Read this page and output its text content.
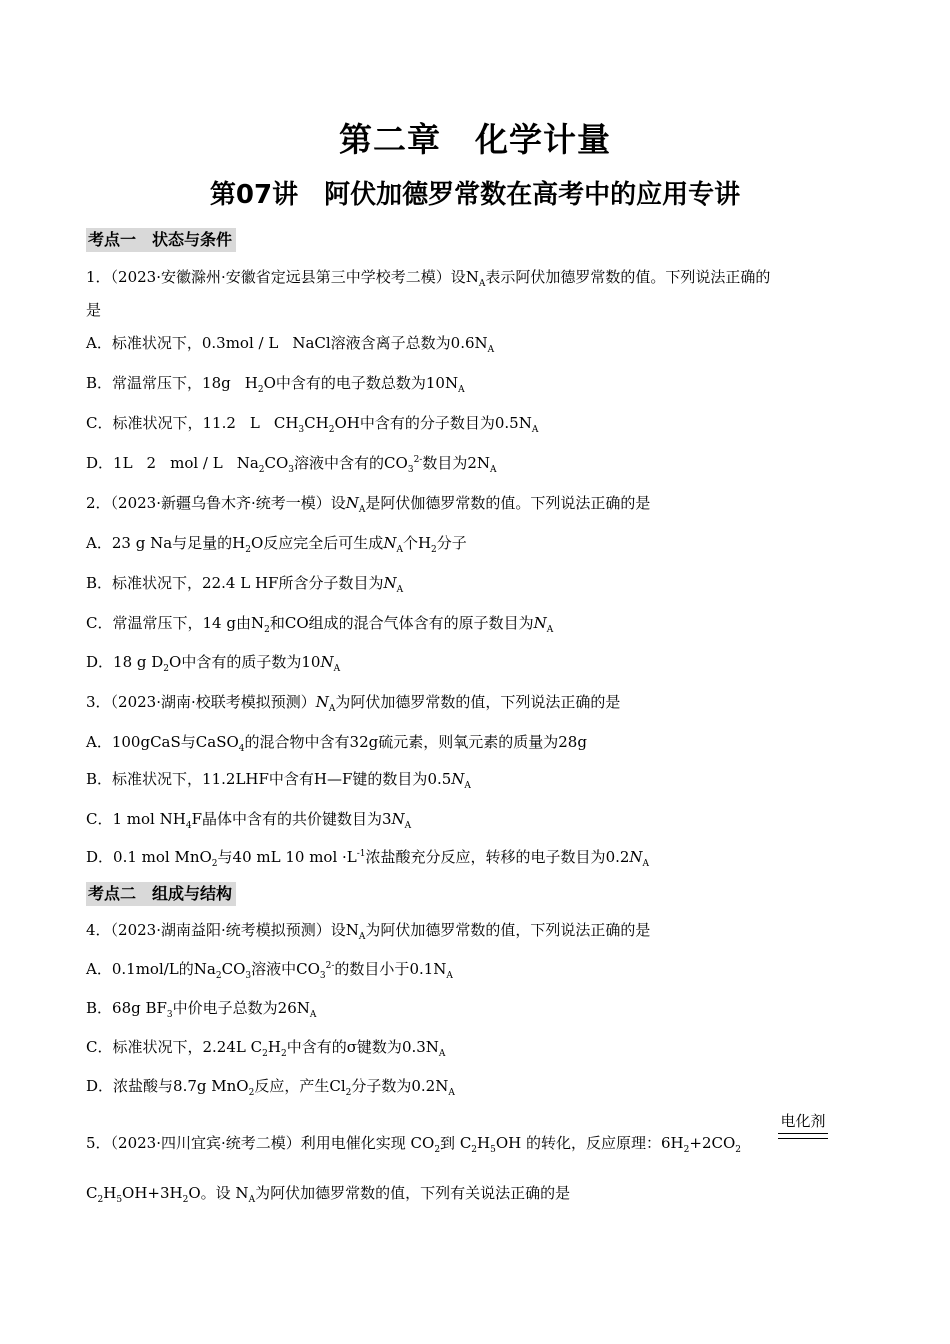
第二章　化学计量
第07讲　阿伏加德罗常数在高考中的应用专讲
考点一　状态与条件
1．（2023·安徽滁州·安徽省定远县第三中学校考二模）设$N_A$表示阿伏加德罗常数的值。下列说法正确的
是
A．标准状况下，0.3mol / L NaCl溶液含离子总数为$0.6N_A$
B．常温常压下，18g $H_2O$中含有的电子数总数为$10N_A$
C．标准状况下，11.2 L $CH_3CH_2OH$中含有的分子数目为$0.5N_A$
D．1L 2 mol / L $Na_2CO_3$溶液中含有的$CO_3^{2-}$数目为$2N_A$
2．（2023·新疆乌鲁木齐·统考一模）设$N_A$是阿伏伽德罗常数的值。下列说法正确的是
A．23 g Na与足量的$H_2O$反应完全后可生成$N_A$个$H_2$分子
B．标准状况下，22.4 L HF所含分子数目为$N_A$
C．常温常压下，14 g由$N_2$和CO组成的混合气体含有的原子数目为$N_A$
D．18 g $D_2O$中含有的质子数为$10N_A$
3．（2023·湖南·校联考模拟预测）$N_A$为阿伏加德罗常数的值，下列说法正确的是
A．100gCaS与CaSO$_4$的混合物中含有32g硫元素，则氧元素的质量为28g
B．标准状况下，11.2LHF中含有H—F键的数目为$0.5N_A$
C．1 mol $NH_4F$晶体中含有的共价键数目为$3N_A$
D．0.1 mol MnO$_2$与40 mL 10 mol $\cdot L^{-1}$浓盐酸充分反应，转移的电子数目为$0.2N_A$
考点二　组成与结构
4．（2023·湖南益阳·统考模拟预测）设$N_A$为阿伏加德罗常数的值，下列说法正确的是
A．0.1mol/L的$Na_2CO_3$溶液中$CO_3^{2-}$的数目小于$0.1N_A$
B．68g $BF_3$中价电子总数为$26N_A$
C．标准状况下，2.24L $C_2H_2$中含有的σ键数为$0.3N_A$
D．浓盐酸与8.7g MnO$_2$反应，产生$Cl_2$分子数为$0.2N_A$
电化剂
5．（2023·四川宜宾·统考二模）利用电催化实现 $CO_2$到 $C_2H_5OH$ 的转化，反应原理：$6H_2+2CO_2$
$C_2H_5OH+3H_2O$。设 $N_A$为阿伏加德罗常数的值，下列有关说法正确的是
